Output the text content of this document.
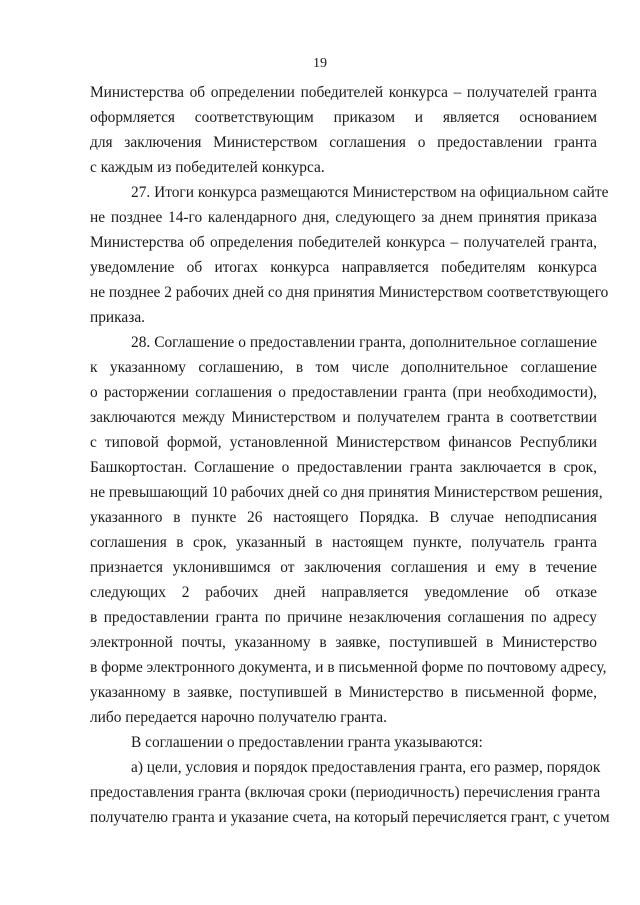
19
Министерства об определении победителей конкурса – получателей гранта
оформляется соответствующим приказом и является основанием
для заключения Министерством соглашения о предоставлении гранта
с каждым из победителей конкурса.
27. Итоги конкурса размещаются Министерством на официальном сайте
не позднее 14-го календарного дня, следующего за днем принятия приказа
Министерства об определения победителей конкурса – получателей гранта,
уведомление об итогах конкурса направляется победителям конкурса
не позднее 2 рабочих дней со дня принятия Министерством соответствующего
приказа.
28. Соглашение о предоставлении гранта, дополнительное соглашение
к указанному соглашению, в том числе дополнительное соглашение
о расторжении соглашения о предоставлении гранта (при необходимости),
заключаются между Министерством и получателем гранта в соответствии
с типовой формой, установленной Министерством финансов Республики
Башкортостан. Соглашение о предоставлении гранта заключается в срок,
не превышающий 10 рабочих дней со дня принятия Министерством решения,
указанного в пункте 26 настоящего Порядка. В случае неподписания
соглашения в срок, указанный в настоящем пункте, получатель гранта
признается уклонившимся от заключения соглашения и ему в течение
следующих 2 рабочих дней направляется уведомление об отказе
в предоставлении гранта по причине незаключения соглашения по адресу
электронной почты, указанному в заявке, поступившей в Министерство
в форме электронного документа, и в письменной форме по почтовому адресу,
указанному в заявке, поступившей в Министерство в письменной форме,
либо передается нарочно получателю гранта.
В соглашении о предоставлении гранта указываются:
а) цели, условия и порядок предоставления гранта, его размер, порядок
предоставления гранта (включая сроки (периодичность) перечисления гранта
получателю гранта и указание счета, на который перечисляется грант, с учетом
